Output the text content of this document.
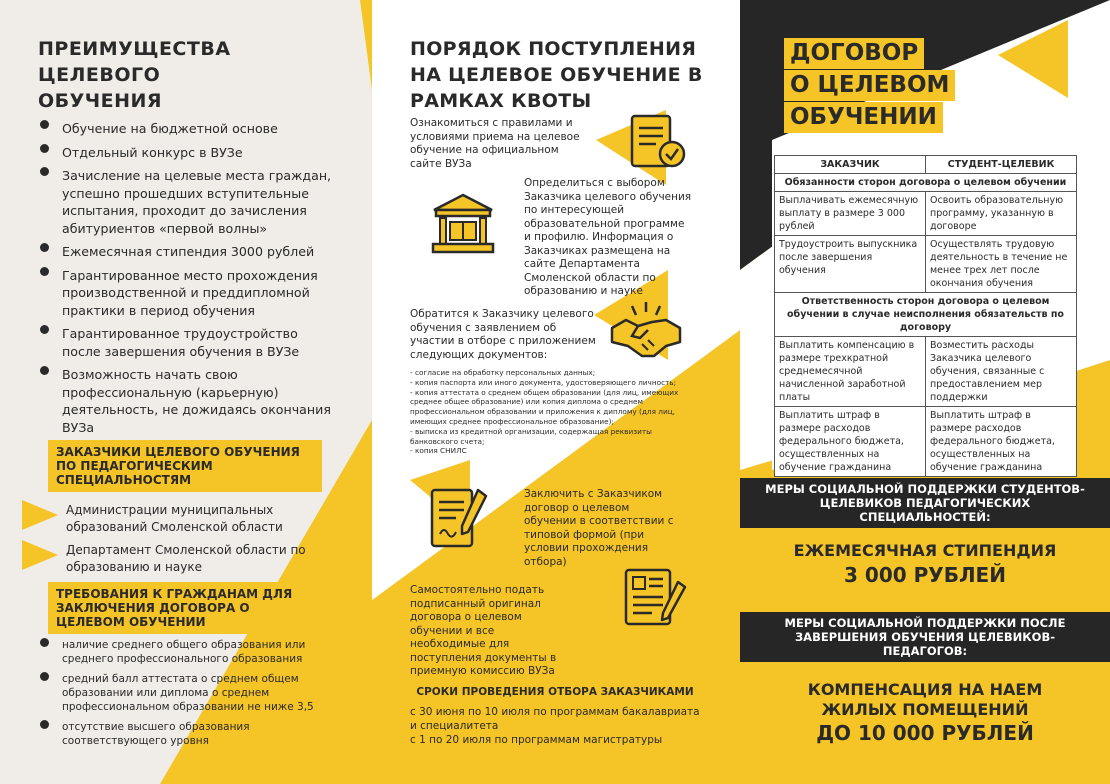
ПРЕИМУЩЕСТВА ЦЕЛЕВОГО ОБУЧЕНИЯ
Обучение на бюджетной основе
Отдельный конкурс в ВУЗе
Зачисление на целевые места граждан, успешно прошедших вступительные испытания, проходит до зачисления абитуриентов «первой волны»
Ежемесячная стипендия 3000 рублей
Гарантированное место прохождения производственной и преддипломной практики в период обучения
Гарантированное трудоустройство после завершения обучения в ВУЗе
Возможность начать свою профессиональную (карьерную) деятельность, не дожидаясь окончания ВУЗа
ЗАКАЗЧИКИ ЦЕЛЕВОГО ОБУЧЕНИЯ ПО ПЕДАГОГИЧЕСКИМ СПЕЦИАЛЬНОСТЯМ
Администрации муниципальных образований Смоленской области
Департамент Смоленской области по образованию и науке
ТРЕБОВАНИЯ К ГРАЖДАНАМ ДЛЯ ЗАКЛЮЧЕНИЯ ДОГОВОРА О ЦЕЛЕВОМ ОБУЧЕНИИ
наличие среднего общего образования или среднего профессионального образования
средний балл аттестата о среднем общем образовании или диплома о среднем профессиональном образовании не ниже 3,5
отсутствие высшего образования соответствующего уровня
ПОРЯДОК ПОСТУПЛЕНИЯ НА ЦЕЛЕВОЕ ОБУЧЕНИЕ В РАМКАХ КВОТЫ
Ознакомиться с правилами и условиями приема на целевое обучение на официальном сайте ВУЗа
Определиться с выбором Заказчика целевого обучения по интересующей образовательной программе и профилю. Информация о Заказчиках размещена на сайте Департамента Смоленской области по образованию и науке
Обратится к Заказчику целевого обучения с заявлением об участии в отборе с приложением следующих документов:
- согласие на обработку персональных данных;
- копия паспорта или иного документа, удостоверяющего личность;
- копия аттестата о среднем общем образовании (для лиц, имеющих среднее общее образование) или копия диплома о среднем профессиональном образовании и приложения к диплому (для лиц, имеющих среднее профессиональное образование);
- выписка из кредитной организации, содержащая реквизиты банковского счета;
- копия СНИЛС
Заключить с Заказчиком договор о целевом обучении в соответствии с типовой формой (при условии прохождения отбора)
Самостоятельно подать подписанный оригинал договора о целевом обучении и все необходимые для поступления документы в приемную комиссию ВУЗа
СРОКИ ПРОВЕДЕНИЯ ОТБОРА ЗАКАЗЧИКАМИ
с 30 июня по 10 июля по программам бакалавриата и специалитета
с 1 по 20 июля по программам магистратуры
ДОГОВОР
О ЦЕЛЕВОМ
ОБУЧЕНИИ
ЗАКАЗЧИК	СТУДЕНТ-ЦЕЛЕВИК
Обязанности сторон договора о целевом обучении	
Выплачивать ежемесячную выплату в размере 3 000 рублей	Освоить образовательную программу, указанную в договоре
Трудоустроить выпускника после завершения обучения	Осуществлять трудовую деятельность в течение не менее трех лет после окончания обучения
Ответственность сторон договора о целевом обучении в случае неисполнения обязательств по договору	
Выплатить компенсацию в размере трехкратной среднемесячной начисленной заработной платы	Возместить расходы Заказчика целевого обучения, связанные с предоставлением мер поддержки
Выплатить штраф в размере расходов федерального бюджета, осуществленных на обучение гражданина	Выплатить штраф в размере расходов федерального бюджета, осуществленных на обучение гражданина
МЕРЫ СОЦИАЛЬНОЙ ПОДДЕРЖКИ СТУДЕНТОВ-ЦЕЛЕВИКОВ ПЕДАГОГИЧЕСКИХ СПЕЦИАЛЬНОСТЕЙ:
ЕЖЕМЕСЯЧНАЯ СТИПЕНДИЯ
3 000 РУБЛЕЙ
МЕРЫ СОЦИАЛЬНОЙ ПОДДЕРЖКИ ПОСЛЕ ЗАВЕРШЕНИЯ ОБУЧЕНИЯ ЦЕЛЕВИКОВ-ПЕДАГОГОВ:
КОМПЕНСАЦИЯ НА НАЕМ
ЖИЛЫХ ПОМЕЩЕНИЙ
ДО 10 000 РУБЛЕЙ
